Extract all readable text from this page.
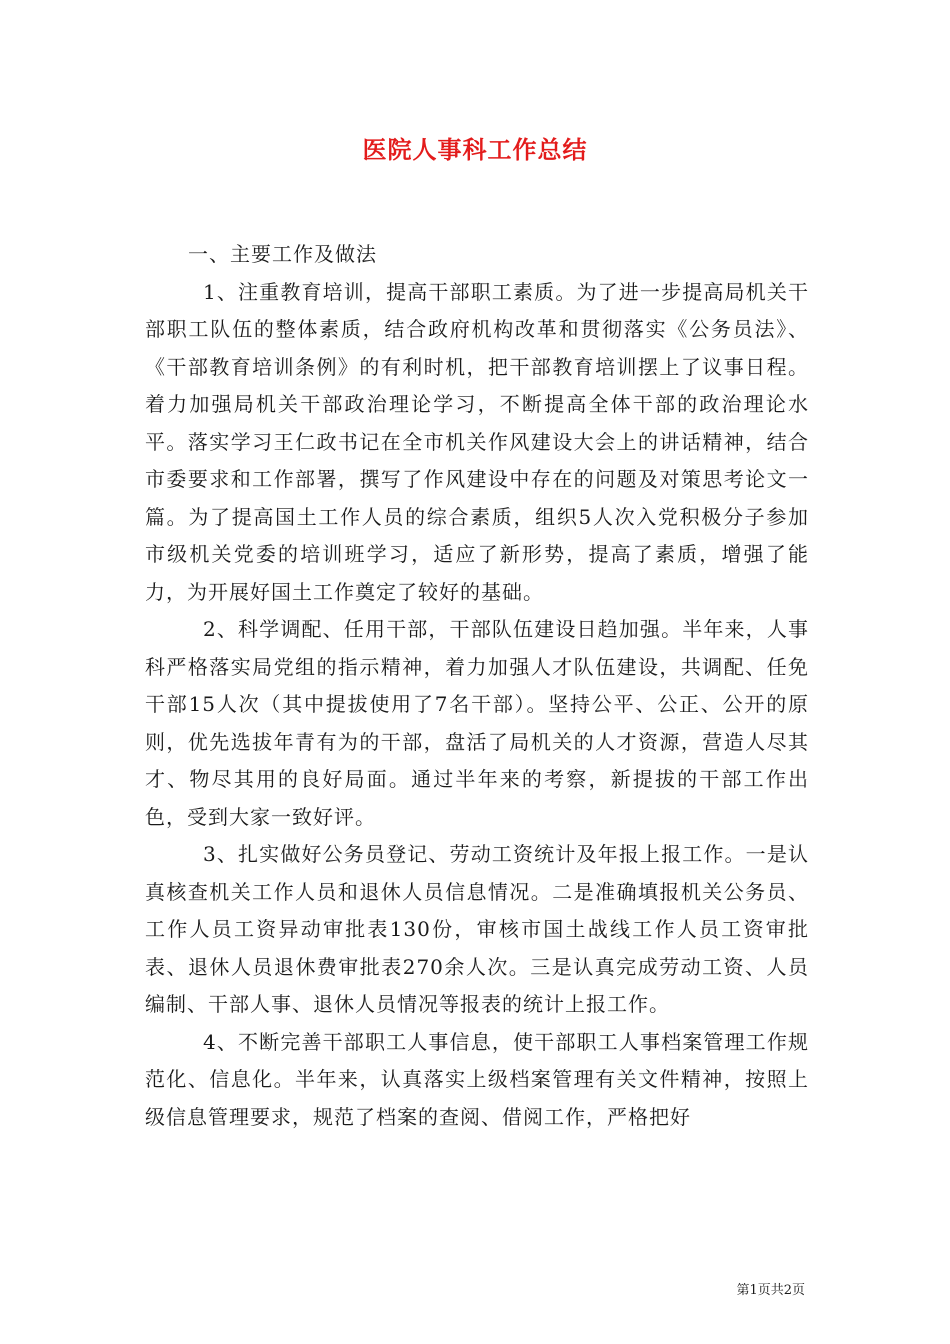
医院人事科工作总结

一、主要工作及做法

1、注重教育培训，提高干部职工素质。为了进一步提高局机关干部职工队伍的整体素质，结合政府机构改革和贯彻落实《公务员法》、《干部教育培训条例》的有利时机，把干部教育培训摆上了议事日程。着力加强局机关干部政治理论学习，不断提高全体干部的政治理论水平。落实学习王仁政书记在全市机关作风建设大会上的讲话精神，结合市委要求和工作部署，撰写了作风建设中存在的问题及对策思考论文一篇。为了提高国土工作人员的综合素质，组织5人次入党积极分子参加市级机关党委的培训班学习，适应了新形势，提高了素质，增强了能力，为开展好国土工作奠定了较好的基础。

2、科学调配、任用干部，干部队伍建设日趋加强。半年来，人事科严格落实局党组的指示精神，着力加强人才队伍建设，共调配、任免干部15人次（其中提拔使用了7名干部）。坚持公平、公正、公开的原则，优先选拔年青有为的干部，盘活了局机关的人才资源，营造人尽其才、物尽其用的良好局面。通过半年来的考察，新提拔的干部工作出色，受到大家一致好评。

3、扎实做好公务员登记、劳动工资统计及年报上报工作。一是认真核查机关工作人员和退休人员信息情况。二是准确填报机关公务员、工作人员工资异动审批表130份，审核市国土战线工作人员工资审批表、退休人员退休费审批表270余人次。三是认真完成劳动工资、人员编制、干部人事、退休人员情况等报表的统计上报工作。

4、不断完善干部职工人事信息，使干部职工人事档案管理工作规范化、信息化。半年来，认真落实上级档案管理有关文件精神，按照上级信息管理要求，规范了档案的查阅、借阅工作，严格把好

第1页共2页
